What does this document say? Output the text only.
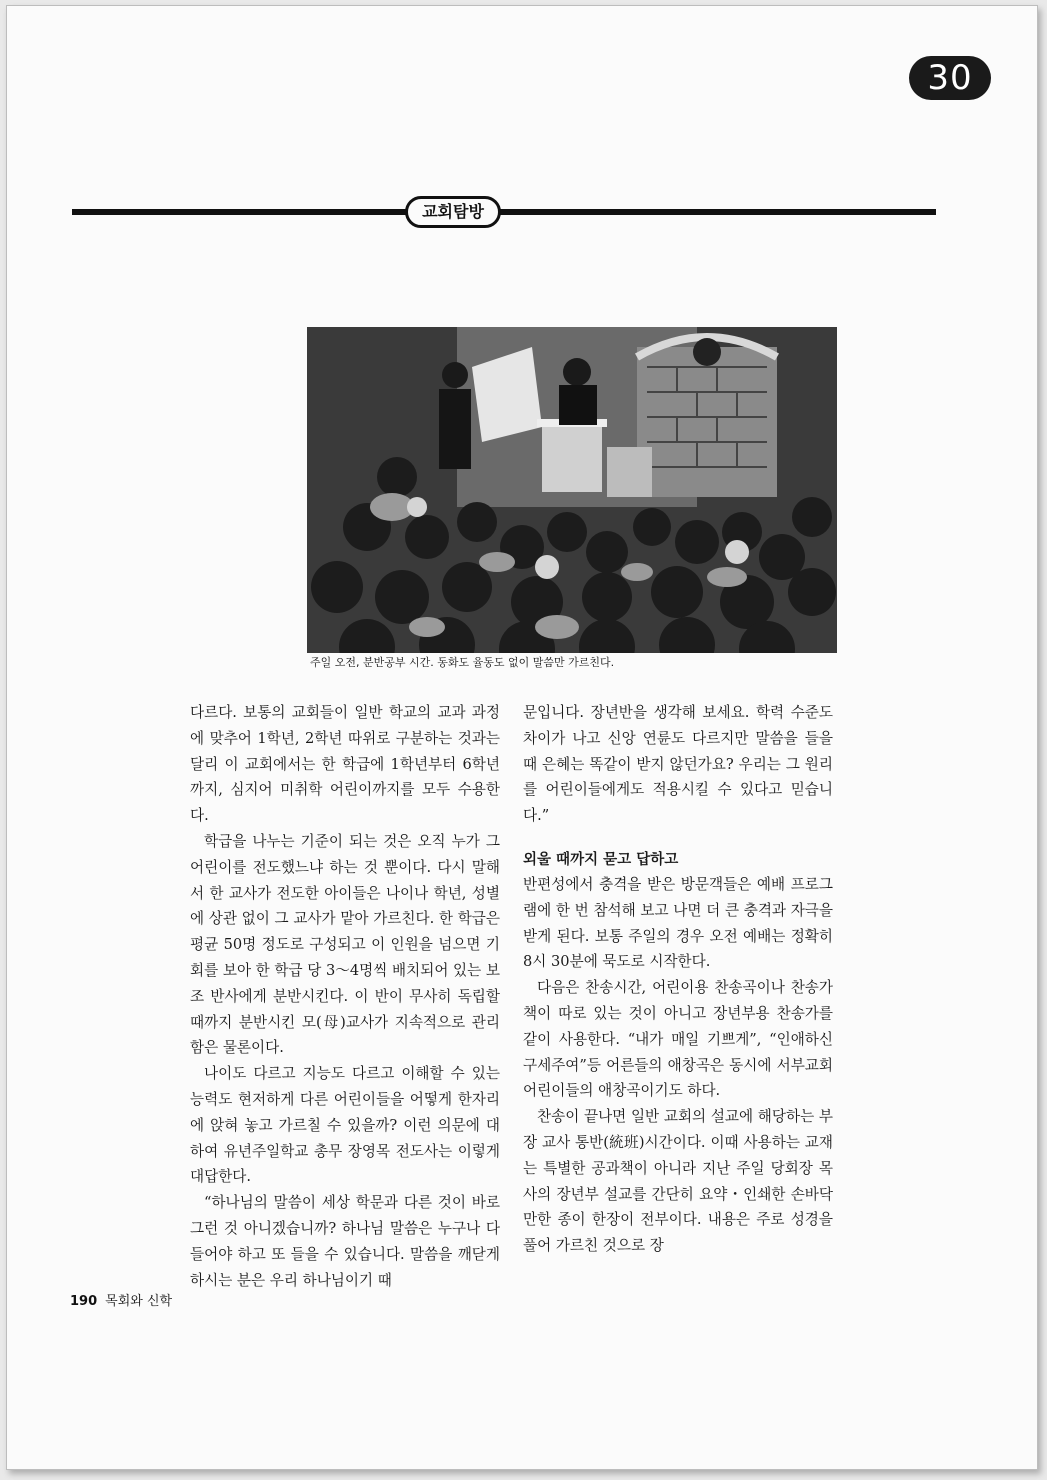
30
교회탐방
주일 오전, 분반공부 시간. 동화도 율동도 없이 말씀만 가르친다.

다르다. 보통의 교회들이 일반 학교의 교과 과정에 맞추어 1학년, 2학년 따위로 구분하는 것과는 달리 이 교회에서는 한 학급에 1학년부터 6학년까지, 심지어 미취학 어린이까지를 모두 수용한다.

학급을 나누는 기준이 되는 것은 오직 누가 그 어린이를 전도했느냐 하는 것 뿐이다. 다시 말해서 한 교사가 전도한 아이들은 나이나 학년, 성별에 상관 없이 그 교사가 맡아 가르친다. 한 학급은 평균 50명 정도로 구성되고 이 인원을 넘으면 기회를 보아 한 학급 당 3～4명씩 배치되어 있는 보조 반사에게 분반시킨다. 이 반이 무사히 독립할 때까지 분반시킨 모(母)교사가 지속적으로 관리함은 물론이다.

나이도 다르고 지능도 다르고 이해할 수 있는 능력도 현저하게 다른 어린이들을 어떻게 한자리에 앉혀 놓고 가르칠 수 있을까? 이런 의문에 대하여 유년주일학교 총무 장영목 전도사는 이렇게 대답한다.

“하나님의 말씀이 세상 학문과 다른 것이 바로 그런 것 아니겠습니까? 하나님 말씀은 누구나 다 들어야 하고 또 들을 수 있습니다. 말씀을 깨닫게 하시는 분은 우리 하나님이기 때

문입니다. 장년반을 생각해 보세요. 학력 수준도 차이가 나고 신앙 연륜도 다르지만 말씀을 들을 때 은혜는 똑같이 받지 않던가요? 우리는 그 원리를 어린이들에게도 적용시킬 수 있다고 믿습니다.”

외울 때까지 묻고 답하고

반편성에서 충격을 받은 방문객들은 예배 프로그램에 한 번 참석해 보고 나면 더 큰 충격과 자극을 받게 된다. 보통 주일의 경우 오전 예배는 정확히 8시 30분에 묵도로 시작한다.

다음은 찬송시간, 어린이용 찬송곡이나 찬송가책이 따로 있는 것이 아니고 장년부용 찬송가를 같이 사용한다. “내가 매일 기쁘게”, “인애하신 구세주여”등 어른들의 애창곡은 동시에 서부교회 어린이들의 애창곡이기도 하다.

찬송이 끝나면 일반 교회의 설교에 해당하는 부장 교사 통반(統班)시간이다. 이때 사용하는 교재는 특별한 공과책이 아니라 지난 주일 당회장 목사의 장년부 설교를 간단히 요약・인쇄한 손바닥만한 종이 한장이 전부이다. 내용은 주로 성경을 풀어 가르친 것으로 장

190 목회와 신학
